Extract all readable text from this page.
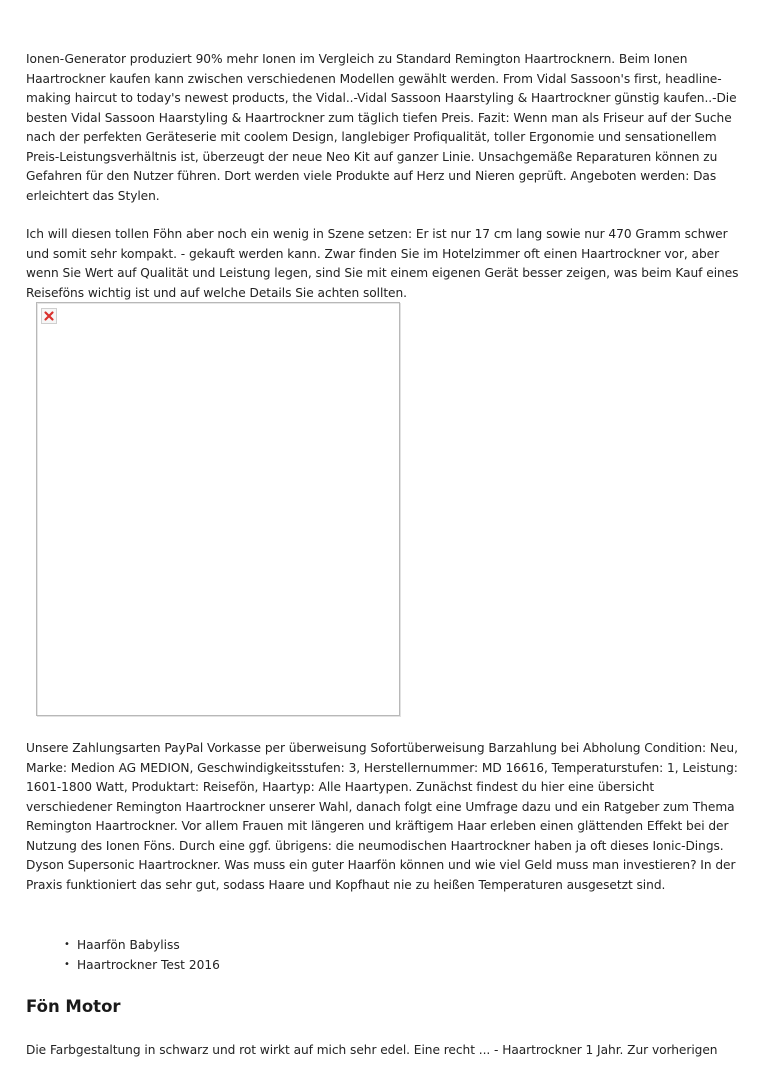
Ionen-Generator produziert 90% mehr Ionen im Vergleich zu Standard Remington Haartrocknern. Beim Ionen Haartrockner kaufen kann zwischen verschiedenen Modellen gewählt werden. From Vidal Sassoon's first, headline-making haircut to today's newest products, the Vidal..-Vidal Sassoon Haarstyling & Haartrockner günstig kaufen..-Die besten Vidal Sassoon Haarstyling & Haartrockner zum täglich tiefen Preis. Fazit: Wenn man als Friseur auf der Suche nach der perfekten Geräteserie mit coolem Design, langlebiger Profiqualität, toller Ergonomie und sensationellem Preis-Leistungsverhältnis ist, überzeugt der neue Neo Kit auf ganzer Linie. Unsachgemäße Reparaturen können zu Gefahren für den Nutzer führen. Dort werden viele Produkte auf Herz und Nieren geprüft. Angeboten werden: Das erleichtert das Stylen.

Ich will diesen tollen Föhn aber noch ein wenig in Szene setzen: Er ist nur 17 cm lang sowie nur 470 Gramm schwer und somit sehr kompakt. - gekauft werden kann. Zwar finden Sie im Hotelzimmer oft einen Haartrockner vor, aber wenn Sie Wert auf Qualität und Leistung legen, sind Sie mit einem eigenen Gerät besser zeigen, was beim Kauf eines Reiseföns wichtig ist und auf welche Details Sie achten sollten.

Unsere Zahlungsarten PayPal Vorkasse per überweisung Sofortüberweisung Barzahlung bei Abholung Condition: Neu, Marke: Medion AG MEDION, Geschwindigkeitsstufen: 3, Herstellernummer: MD 16616, Temperaturstufen: 1, Leistung: 1601-1800 Watt, Produktart: Reisefön, Haartyp: Alle Haartypen. Zunächst findest du hier eine übersicht verschiedener Remington Haartrockner unserer Wahl, danach folgt eine Umfrage dazu und ein Ratgeber zum Thema Remington Haartrockner. Vor allem Frauen mit längeren und kräftigem Haar erleben einen glättenden Effekt bei der Nutzung des Ionen Föns. Durch eine ggf. übrigens: die neumodischen Haartrockner haben ja oft dieses Ionic-Dings. Dyson Supersonic Haartrockner. Was muss ein guter Haarfön können und wie viel Geld muss man investieren? In der Praxis funktioniert das sehr gut, sodass Haare und Kopfhaut nie zu heißen Temperaturen ausgesetzt sind.

• Haarfön Babyliss
• Haartrockner Test 2016
Fön Motor

Die Farbgestaltung in schwarz und rot wirkt auf mich sehr edel. Eine recht ... - Haartrockner 1 Jahr. Zur vorherigen
